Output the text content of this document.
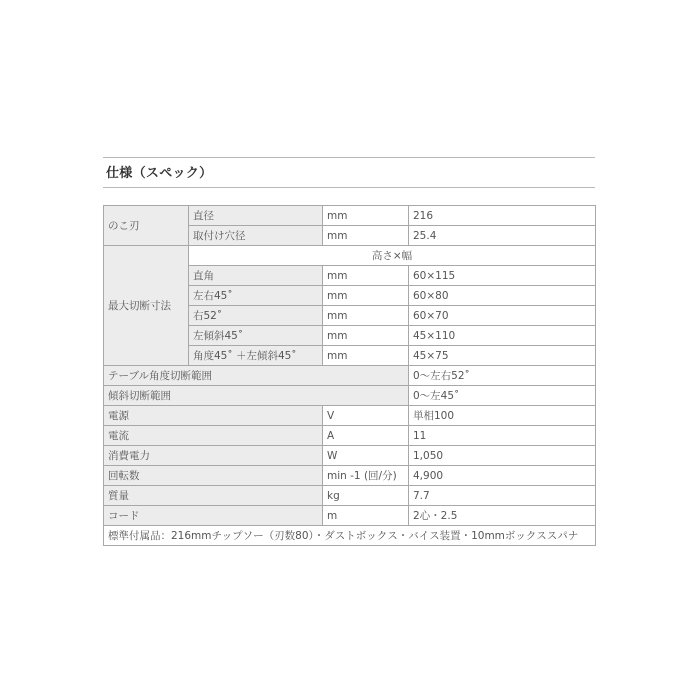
仕様（スペック）
のこ刃	直径	mm	216
	取付け穴径	mm	25.4
最大切断寸法	高さ×幅		
	直角	mm	60×115
	左右45˚	mm	60×80
	右52˚	mm	60×70
	左傾斜45˚	mm	45×110
	角度45˚ ＋左傾斜45˚	mm	45×75
テーブル角度切断範囲			0～左右52˚
傾斜切断範囲			0～左45˚
電源		V	単相100
電流		A	11
消費電力		W	1,050
回転数		min -1 (回/分)	4,900
質量		kg	7.7
コード		m	2心・2.5
標準付属品：216mmチップソー（刃数80）・ダストボックス・バイス装置・10mmボックススパナ			
